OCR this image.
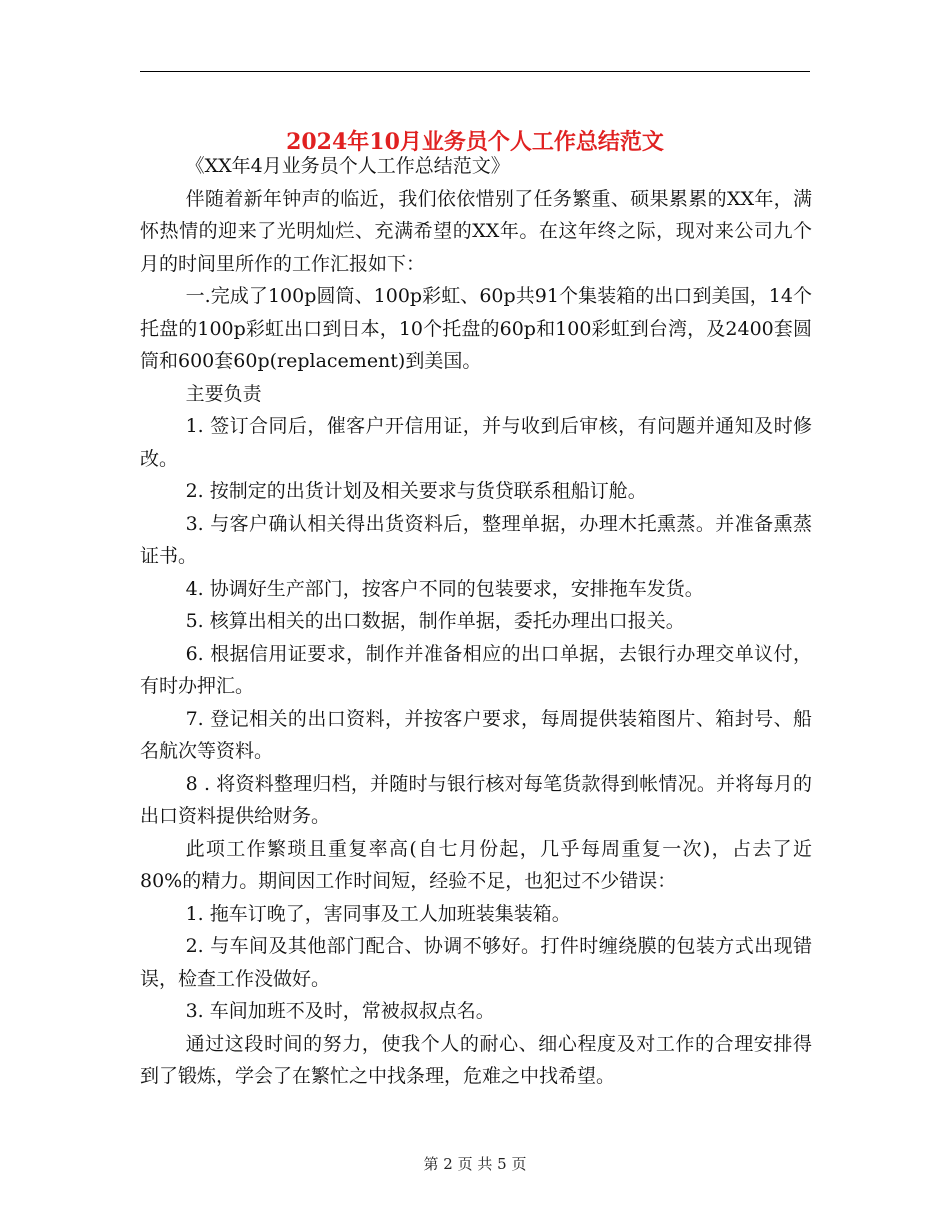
2024年10月业务员个人工作总结范文

《XX年4月业务员个人工作总结范文》

伴随着新年钟声的临近，我们依依惜别了任务繁重、硕果累累的XX年，满怀热情的迎来了光明灿烂、充满希望的XX年。在这年终之际，现对来公司九个月的时间里所作的工作汇报如下：

一.完成了100p圆筒、100p彩虹、60p共91个集装箱的出口到美国，14个托盘的100p彩虹出口到日本，10个托盘的60p和100彩虹到台湾，及2400套圆筒和600套60p(replacement)到美国。

主要负责

1. 签订合同后，催客户开信用证，并与收到后审核，有问题并通知及时修改。

2. 按制定的出货计划及相关要求与货贷联系租船订舱。

3. 与客户确认相关得出货资料后，整理单据，办理木托熏蒸。并准备熏蒸证书。

4. 协调好生产部门，按客户不同的包装要求，安排拖车发货。

5. 核算出相关的出口数据，制作单据，委托办理出口报关。

6. 根据信用证要求，制作并准备相应的出口单据，去银行办理交单议付，有时办押汇。

7. 登记相关的出口资料，并按客户要求，每周提供装箱图片、箱封号、船名航次等资料。

8 . 将资料整理归档，并随时与银行核对每笔货款得到帐情况。并将每月的出口资料提供给财务。

此项工作繁琐且重复率高(自七月份起，几乎每周重复一次)，占去了近80%的精力。期间因工作时间短，经验不足，也犯过不少错误：

1. 拖车订晚了，害同事及工人加班装集装箱。

2. 与车间及其他部门配合、协调不够好。打件时缠绕膜的包装方式出现错误，检查工作没做好。

3. 车间加班不及时，常被叔叔点名。

通过这段时间的努力，使我个人的耐心、细心程度及对工作的合理安排得到了锻炼，学会了在繁忙之中找条理，危难之中找希望。

第 2 页 共 5 页
